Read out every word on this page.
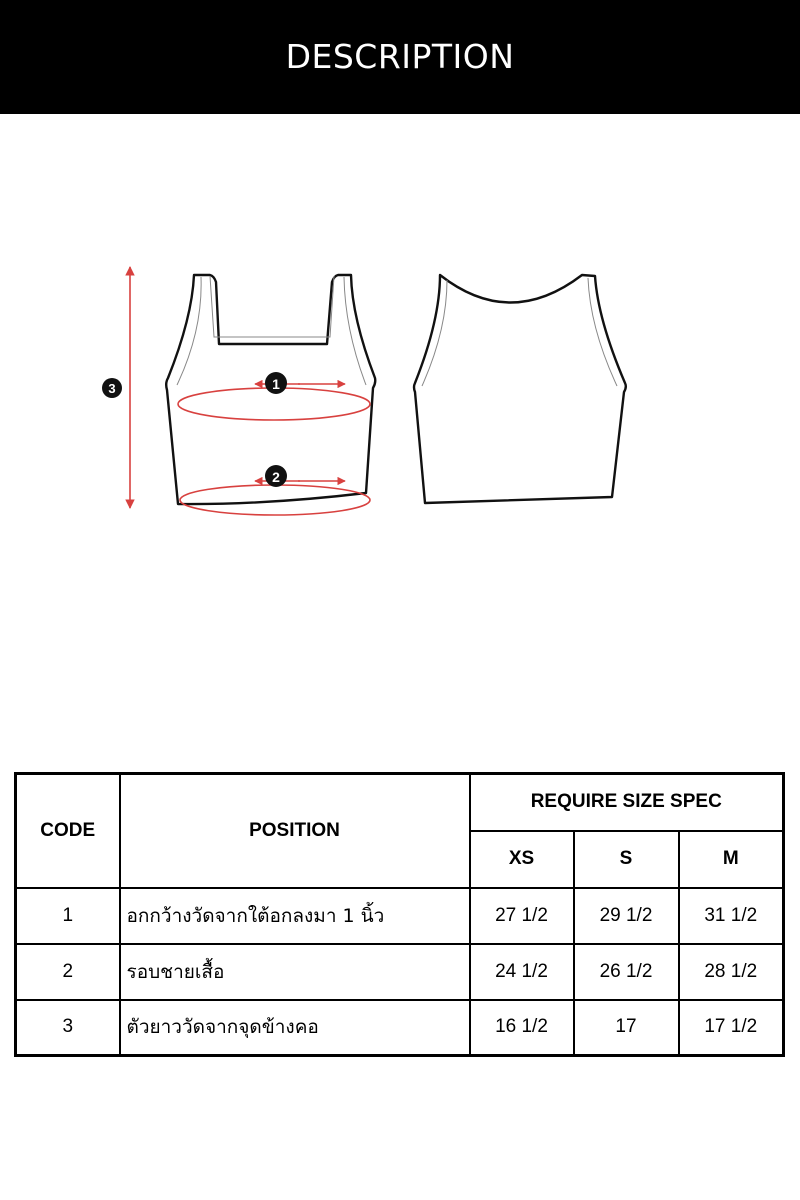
DESCRIPTION
3	1
2
CODE	POSITION	REQUIRE SIZE SPEC		
		XS	S	M
1	อกกว้างวัดจากใต้อกลงมา 1 นิ้ว	27 1/2	29 1/2	31 1/2
2	รอบชายเสื้อ	24 1/2	26 1/2	28 1/2
3	ตัวยาววัดจากจุดข้างคอ	16 1/2	17	17 1/2
